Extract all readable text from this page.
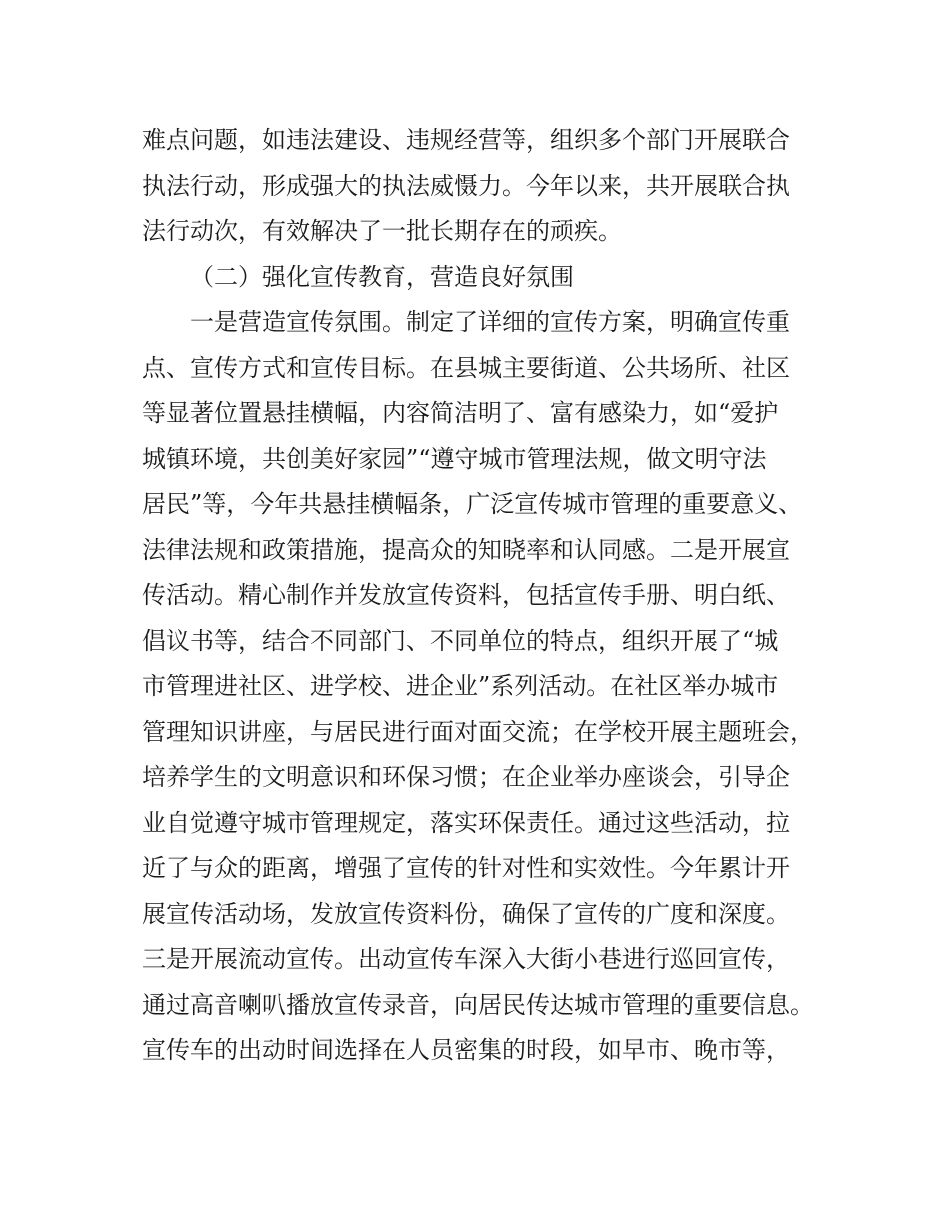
难点问题，如违法建设、违规经营等，组织多个部门开展联合
执法行动，形成强大的执法威慑力。今年以来，共开展联合执
法行动次，有效解决了一批长期存在的顽疾。
（二）强化宣传教育，营造良好氛围
一是营造宣传氛围。制定了详细的宣传方案，明确宣传重
点、宣传方式和宣传目标。在县城主要街道、公共场所、社区
等显著位置悬挂横幅，内容简洁明了、富有感染力，如“爱护
城镇环境，共创美好家园”“遵守城市管理法规，做文明守法
居民”等，今年共悬挂横幅条，广泛宣传城市管理的重要意义、
法律法规和政策措施，提高众的知晓率和认同感。二是开展宣
传活动。精心制作并发放宣传资料，包括宣传手册、明白纸、
倡议书等，结合不同部门、不同单位的特点，组织开展了“城
市管理进社区、进学校、进企业”系列活动。在社区举办城市
管理知识讲座，与居民进行面对面交流；在学校开展主题班会，
培养学生的文明意识和环保习惯；在企业举办座谈会，引导企
业自觉遵守城市管理规定，落实环保责任。通过这些活动，拉
近了与众的距离，增强了宣传的针对性和实效性。今年累计开
展宣传活动场，发放宣传资料份，确保了宣传的广度和深度。
三是开展流动宣传。出动宣传车深入大街小巷进行巡回宣传，
通过高音喇叭播放宣传录音，向居民传达城市管理的重要信息。
宣传车的出动时间选择在人员密集的时段，如早市、晚市等，
